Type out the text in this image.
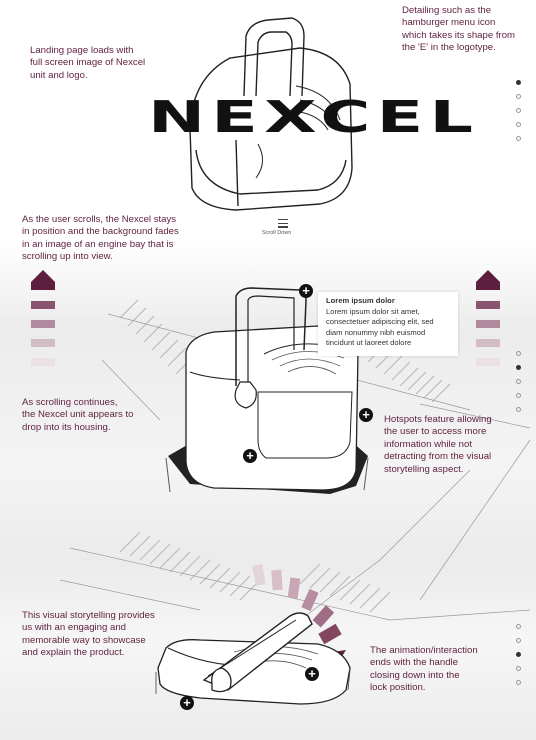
Detailing such as the
hamburger menu icon
which takes its shape from
the 'E' in the logotype.
Landing page loads with
full screen image of Nexcel
unit and logo.
As the user scrolls, the Nexcel stays
in position and the background fades
in an image of an engine bay that is
scrolling up into view.
As scrolling continues,
the Nexcel unit appears to
drop into its housing.
Hotspots feature allowing
the user to access more
information while not
detracting from the visual
storytelling aspect.
This visual storytelling provides
us with an engaging and
memorable way to showcase
and explain the product.	The animation/interaction
ends with the handle
closing down into the
lock position.
NEXCEL
Scroll Down
Lorem ipsum dolor
Lorem ipsum dolor sit amet,
consectetuer adipiscing elit, sed
diam nonummy nibh euismod
tincidunt ut laoreet dolore
+
+
+
+
+
